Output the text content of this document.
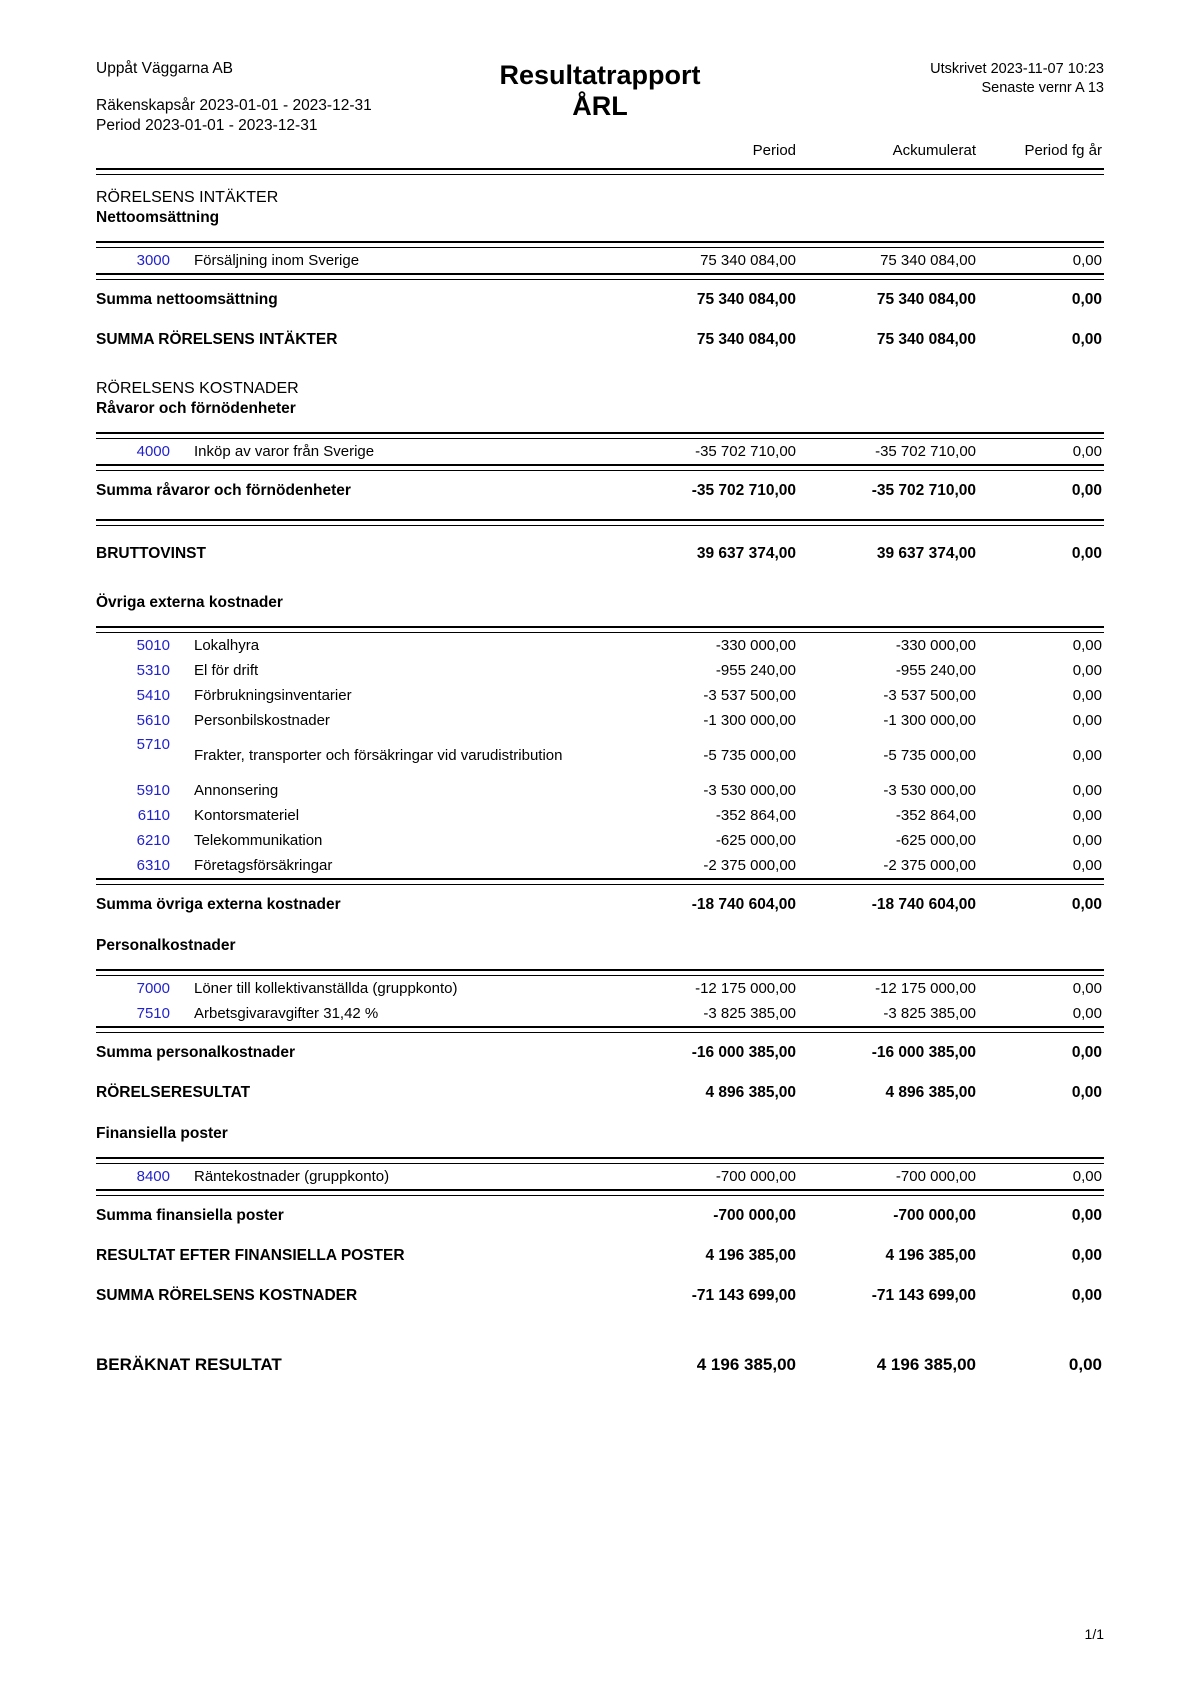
Uppåt Väggarna AB
Räkenskapsår 2023-01-01 - 2023-12-31
Period 2023-01-01 - 2023-12-31
Resultatrapport
ÅRL
Utskrivet 2023-11-07 10:23
Senaste vernr A 13
		Period	Ackumulerat	Period fg år

RÖRELSENS INTÄKTER				

Nettoomsättning				

3000	Försäljning inom Sverige	75 340 084,00	75 340 084,00	0,00

Summa nettoomsättning		75 340 084,00	75 340 084,00	0,00
SUMMA RÖRELSENS INTÄKTER		75 340 084,00	75 340 084,00	0,00

RÖRELSENS KOSTNADER				

Råvaror och förnödenheter				

4000	Inköp av varor från Sverige	-35 702 710,00	-35 702 710,00	0,00

Summa råvaror och förnödenheter		-35 702 710,00	-35 702 710,00	0,00

BRUTTOVINST		39 637 374,00	39 637 374,00	0,00

Övriga externa kostnader				

5010	Lokalhyra	-330 000,00	-330 000,00	0,00
5310	El för drift	-955 240,00	-955 240,00	0,00
5410	Förbrukningsinventarier	-3 537 500,00	-3 537 500,00	0,00
5610	Personbilskostnader	-1 300 000,00	-1 300 000,00	0,00
5710	Frakter, transporter och försäkringar vid varudistribution	-5 735 000,00	-5 735 000,00	0,00
5910	Annonsering	-3 530 000,00	-3 530 000,00	0,00
6110	Kontorsmateriel	-352 864,00	-352 864,00	0,00
6210	Telekommunikation	-625 000,00	-625 000,00	0,00
6310	Företagsförsäkringar	-2 375 000,00	-2 375 000,00	0,00

Summa övriga externa kostnader		-18 740 604,00	-18 740 604,00	0,00

Personalkostnader				

7000	Löner till kollektivanställda (gruppkonto)	-12 175 000,00	-12 175 000,00	0,00
7510	Arbetsgivaravgifter 31,42 %	-3 825 385,00	-3 825 385,00	0,00

Summa personalkostnader		-16 000 385,00	-16 000 385,00	0,00
RÖRELSERESULTAT		4 896 385,00	4 896 385,00	0,00

Finansiella poster				

8400	Räntekostnader (gruppkonto)	-700 000,00	-700 000,00	0,00

Summa finansiella poster		-700 000,00	-700 000,00	0,00
RESULTAT EFTER FINANSIELLA POSTER		4 196 385,00	4 196 385,00	0,00
SUMMA RÖRELSENS KOSTNADER		-71 143 699,00	-71 143 699,00	0,00

BERÄKNAT RESULTAT		4 196 385,00	4 196 385,00	0,00
1/1
